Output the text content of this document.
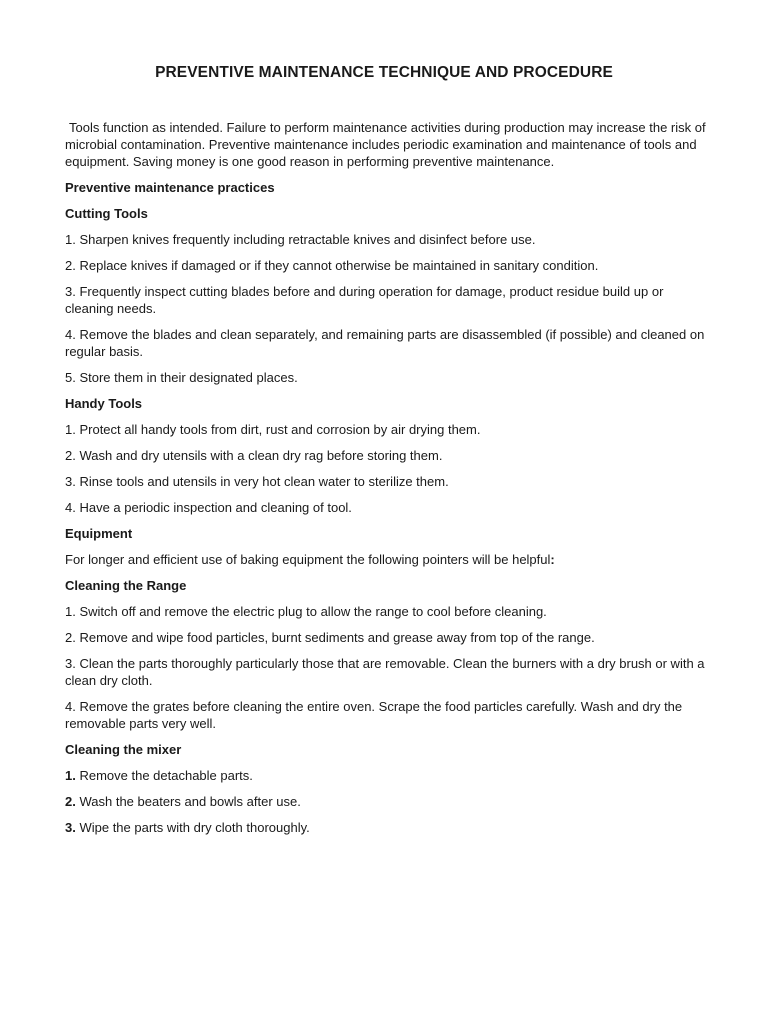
PREVENTIVE MAINTENANCE TECHNIQUE AND PROCEDURE

Tools function as intended. Failure to perform maintenance activities during production may increase the risk of microbial contamination. Preventive maintenance includes periodic examination and maintenance of tools and equipment. Saving money is one good reason in performing preventive maintenance.

Preventive maintenance practices

Cutting Tools

1. Sharpen knives frequently including retractable knives and disinfect before use.

2. Replace knives if damaged or if they cannot otherwise be maintained in sanitary condition.

3. Frequently inspect cutting blades before and during operation for damage, product residue build up or cleaning needs.

4. Remove the blades and clean separately, and remaining parts are disassembled (if possible) and cleaned on regular basis.

5. Store them in their designated places.

Handy Tools

1. Protect all handy tools from dirt, rust and corrosion by air drying them.

2. Wash and dry utensils with a clean dry rag before storing them.

3. Rinse tools and utensils in very hot clean water to sterilize them.

4. Have a periodic inspection and cleaning of tool.

Equipment

For longer and efficient use of baking equipment the following pointers will be helpful:

Cleaning the Range

1. Switch off and remove the electric plug to allow the range to cool before cleaning.

2. Remove and wipe food particles, burnt sediments and grease away from top of the range.

3. Clean the parts thoroughly particularly those that are removable. Clean the burners with a dry brush or with a clean dry cloth.

4. Remove the grates before cleaning the entire oven. Scrape the food particles carefully. Wash and dry the removable parts very well.

Cleaning the mixer

1. Remove the detachable parts.

2. Wash the beaters and bowls after use.

3. Wipe the parts with dry cloth thoroughly.
